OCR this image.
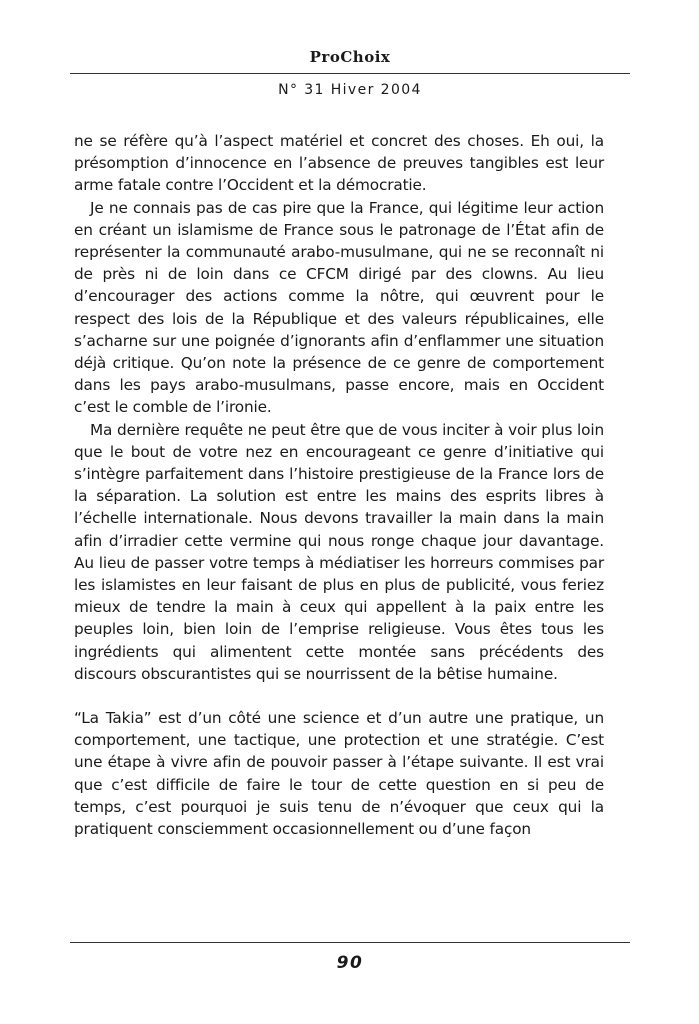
ProChoix
N° 31 Hiver 2004

ne se réfère qu’à l’aspect matériel et concret des choses. Eh oui, la présomption d’innocence en l’absence de preuves tangibles est leur arme fatale contre l’Occident et la démocratie.

Je ne connais pas de cas pire que la France, qui légitime leur action en créant un islamisme de France sous le patronage de l’État afin de représenter la communauté arabo-musulmane, qui ne se reconnaît ni de près ni de loin dans ce CFCM dirigé par des clowns. Au lieu d’encourager des actions comme la nôtre, qui œuvrent pour le respect des lois de la République et des valeurs républicaines, elle s’acharne sur une poignée d’ignorants afin d’enflammer une situation déjà critique. Qu’on note la présence de ce genre de comportement dans les pays arabo-musulmans, passe encore, mais en Occident c’est le comble de l’ironie.

Ma dernière requête ne peut être que de vous inciter à voir plus loin que le bout de votre nez en encourageant ce genre d’initiative qui s’intègre parfaitement dans l’histoire prestigieuse de la France lors de la séparation. La solution est entre les mains des esprits libres à l’échelle internationale. Nous devons travailler la main dans la main afin d’irradier cette vermine qui nous ronge chaque jour davantage. Au lieu de passer votre temps à médiatiser les horreurs commises par les islamistes en leur faisant de plus en plus de publicité, vous feriez mieux de tendre la main à ceux qui appellent à la paix entre les peuples loin, bien loin de l’emprise religieuse. Vous êtes tous les ingrédients qui alimentent cette montée sans précédents des discours obscurantistes qui se nourrissent de la bêtise humaine.

“La Takia” est d’un côté une science et d’un autre une pratique, un comportement, une tactique, une protection et une stratégie. C’est une étape à vivre afin de pouvoir passer à l’étape suivante. Il est vrai que c’est difficile de faire le tour de cette question en si peu de temps, c’est pourquoi je suis tenu de n’évoquer que ceux qui la pratiquent consciemment occasionnellement ou d’une façon

90
